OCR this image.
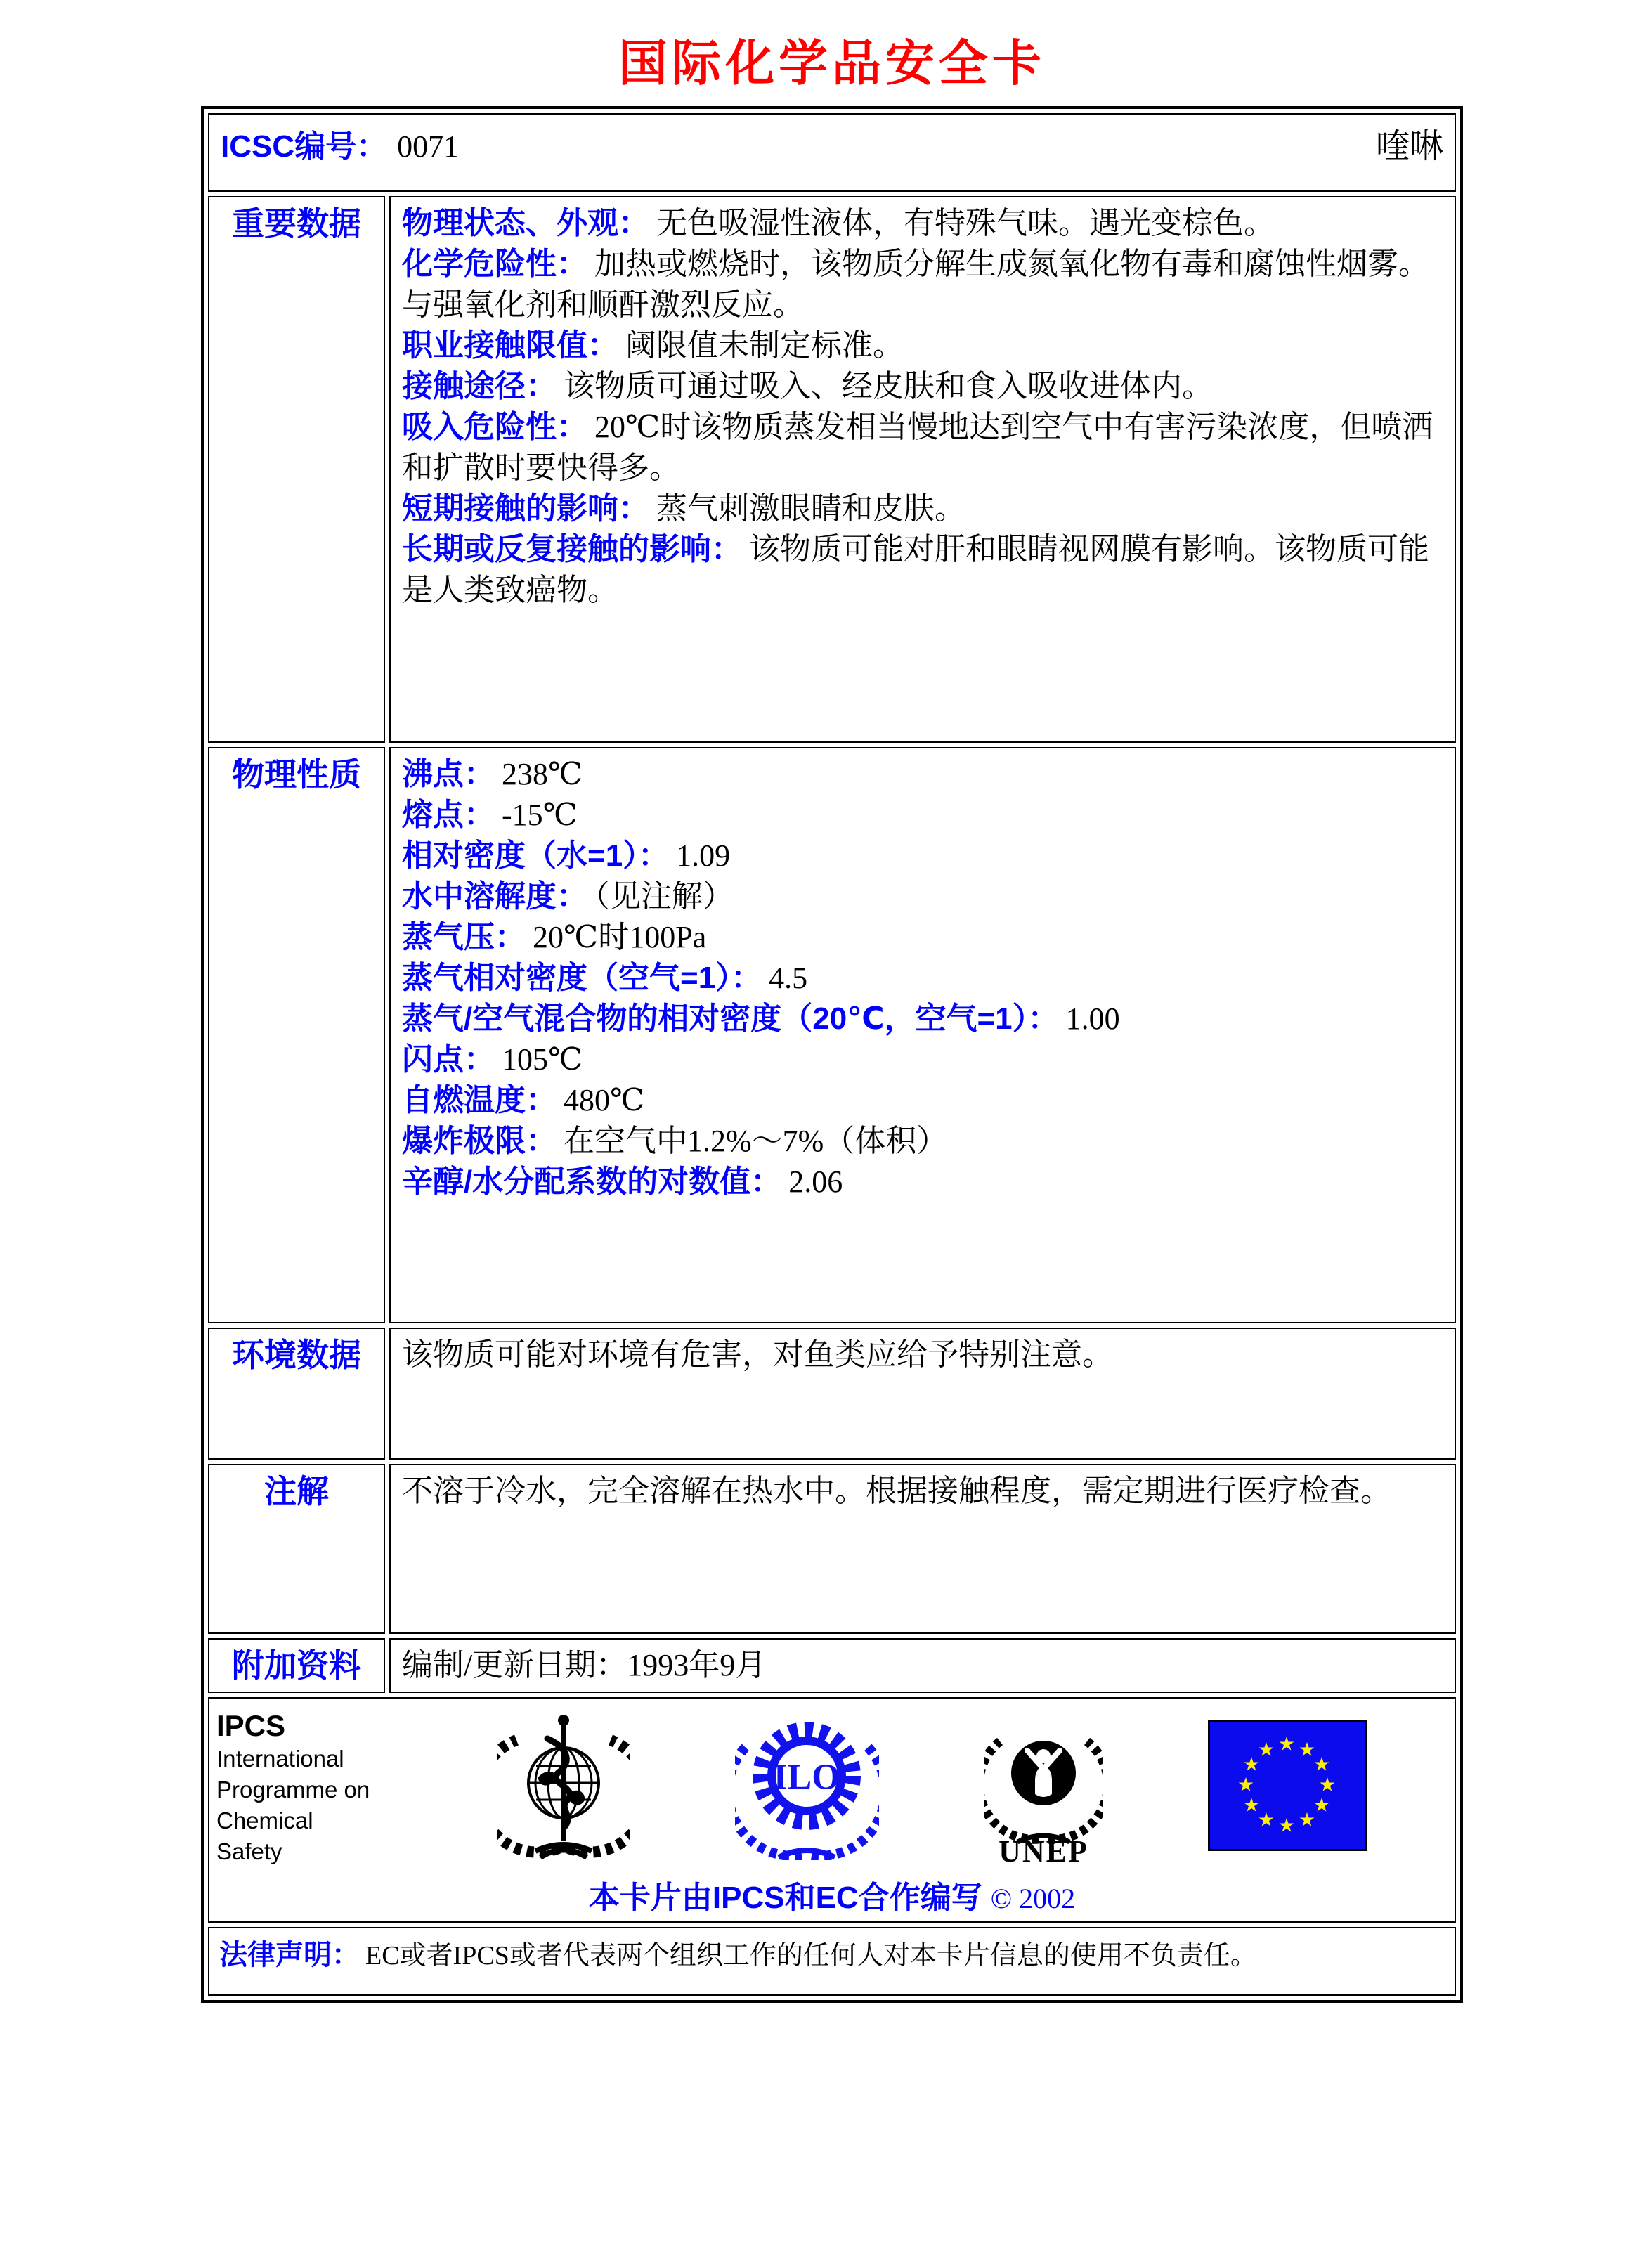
国际化学品安全卡
ICSC编号： 0071 喹啉	

重要数据	物理状态、外观： 无色吸湿性液体，有特殊气味。遇光变棕色。
化学危险性： 加热或燃烧时，该物质分解生成氮氧化物有毒和腐蚀性烟雾。与强氧化剂和顺酐激烈反应。
职业接触限值： 阈限值未制定标准。
接触途径： 该物质可通过吸入、经皮肤和食入吸收进体内。
吸入危险性： 20℃时该物质蒸发相当慢地达到空气中有害污染浓度，但喷洒和扩散时要快得多。
短期接触的影响： 蒸气刺激眼睛和皮肤。
长期或反复接触的影响： 该物质可能对肝和眼睛视网膜有影响。该物质可能是人类致癌物。

物理性质	沸点： 238℃
熔点： -15℃
相对密度（水=1）： 1.09
水中溶解度： （见注解）
蒸气压： 20℃时100Pa
蒸气相对密度（空气=1）： 4.5
蒸气/空气混合物的相对密度（20℃，空气=1）： 1.00
闪点： 105℃
自燃温度： 480℃
爆炸极限： 在空气中1.2%～7%（体积）
辛醇/水分配系数的对数值： 2.06

环境数据	该物质可能对环境有危害，对鱼类应给予特别注意。
注解	不溶于冷水，完全溶解在热水中。根据接触程度，需定期进行医疗检查。
附加资料	编制/更新日期：1993年9月

IPCS
International Programme on Chemical Safety
ILO
UNEP
★ ★
★
★
★
★
★
★
★
★
★
★
本卡片由IPCS和EC合作编写 © 2002

法律声明： EC或者IPCS或者代表两个组织工作的任何人对本卡片信息的使用不负责任。	
